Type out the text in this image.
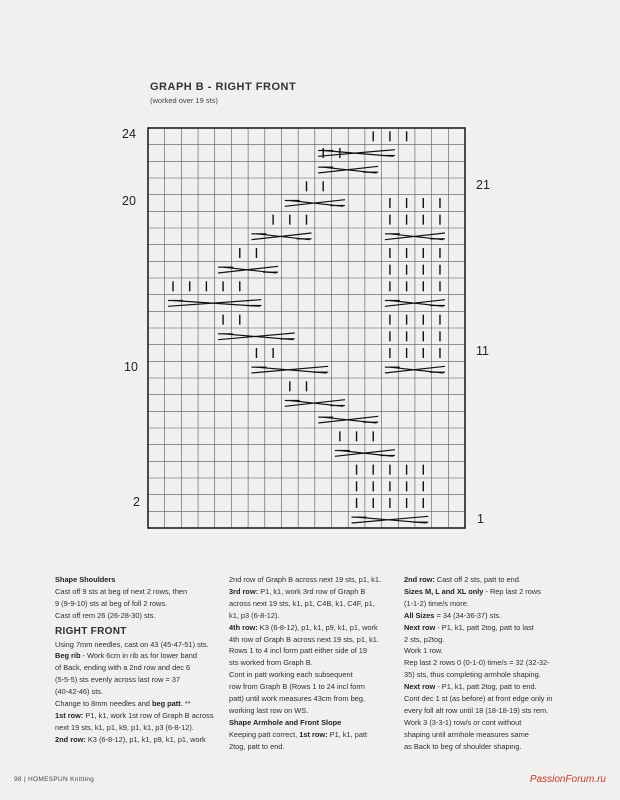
GRAPH B - RIGHT FRONT
(worked over 19 sts)
24
20
10
2
21
11
1

Shape Shoulders

Cast off 9 sts at beg of next 2 rows, then

9 (9-9-10) sts at beg of foll 2 rows.

Cast off rem 26 (26-28-30) sts.

RIGHT FRONT

Using 7mm needles, cast on 43 (45-47-51) sts.

Beg rib - Work 6cm in rib as for lower band

of Back, ending with a 2nd row and dec 6

(5-5-5) sts evenly across last row = 37

(40-42-46) sts.

Change to 8mm needles and beg patt. **

1st row: P1, k1, work 1st row of Graph B across

next 19 sts, k1, p1, k9, p1, k1, p3 (6-8-12).

2nd row: K3 (6-8-12), p1, k1, p9, k1, p1, work

2nd row of Graph B across next 19 sts, p1, k1.

3rd row: P1, k1, work 3rd row of Graph B

across next 19 sts, k1, p1, C4B, k1, C4F, p1,

k1, p3 (6-8-12).

4th row: K3 (6-8-12), p1, k1, p9, k1, p1, work

4th row of Graph B across next 19 sts, p1, k1.

Rows 1 to 4 incl form patt either side of 19

sts worked from Graph B.

Cont in patt working each subsequent

row from Graph B (Rows 1 to 24 incl form

patt) until work measures 43cm from beg,

working last row on WS.

Shape Armhole and Front Slope

Keeping patt correct, 1st row: P1, k1, patt

2tog, patt to end.

2nd row: Cast off 2 sts, patt to end.

Sizes M, L and XL only - Rep last 2 rows

(1-1-2) time/s more.

All Sizes = 34 (34-36-37) sts.

Next row - P1, k1, patt 2tog, patt to last

2 sts, p2tog.

Work 1 row.

Rep last 2 rows 0 (0-1-0) time/s = 32 (32-32-

35) sts, thus completing armhole shaping.

Next row - P1, k1, patt 2tog, patt to end.

Cont dec 1 st (as before) at front edge only in

every foll alt row until 18 (18-18-19) sts rem.

Work 3 (3-3-1) row/s or cont without

shaping until armhole measures same

as Back to beg of shoulder shaping.

98 | HOMESPUN Knitting	PassionForum.ru
